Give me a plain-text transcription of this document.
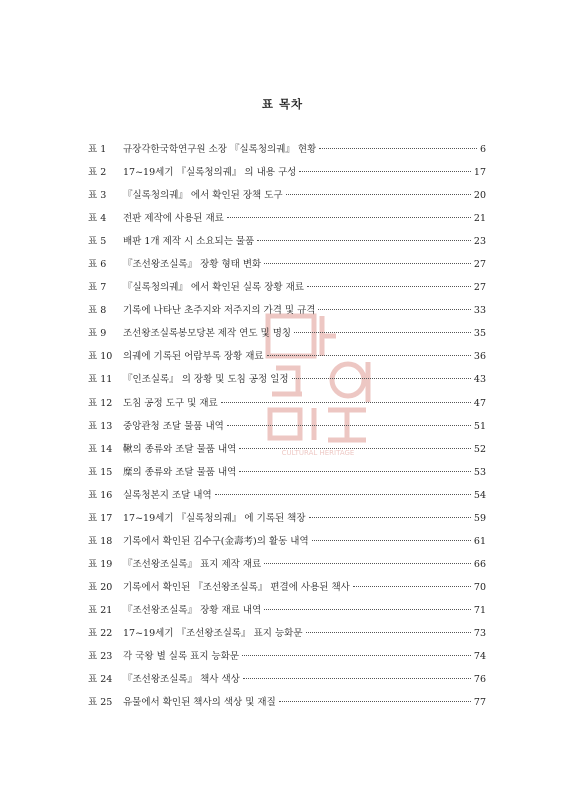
CULTURAL HERITAGE
표 목차
표 1	규장각한국학연구원 소장 『실록청의궤』 현황	6
표 2	17~19세기 『실록청의궤』 의 내용 구성	17
표 3	『실록청의궤』 에서 확인된 장책 도구	20
표 4	전판 제작에 사용된 재료	21
표 5	배판 1개 제작 시 소요되는 물품	23
표 6	『조선왕조실록』 장황 형태 변화	27
표 7	『실록청의궤』 에서 확인된 실록 장황 재료	27
표 8	기록에 나타난 초주지와 저주지의 가격 및 규격	33
표 9	조선왕조실록봉모당본 제작 연도 및 명칭	35
표 10	의궤에 기록된 어람부록 장황 재료	36
표 11	『인조실록』 의 장황 및 도침 공정 일정	43
표 12	도침 공정 도구 및 재료	47
표 13	중앙관청 조달 물품 내역	51
표 14	鞦의 종류와 조달 물품 내역	52
표 15	糜의 종류와 조달 물품 내역	53
표 16	실록청본지 조달 내역	54
표 17	17~19세기 『실록청의궤』 에 기록된 책장	59
표 18	기록에서 확인된 김수구(金壽考)의 활동 내역	61
표 19	『조선왕조실록』 표지 제작 재료	66
표 20	기록에서 확인된 『조선왕조실록』 편결에 사용된 책사	70
표 21	『조선왕조실록』 장황 재료 내역	71
표 22	17~19세기 『조선왕조실록』 표지 능화문	73
표 23	각 국왕 별 실록 표지 능화문	74
표 24	『조선왕조실록』 책사 색상	76
표 25	유물에서 확인된 책사의 색상 및 재질	77
